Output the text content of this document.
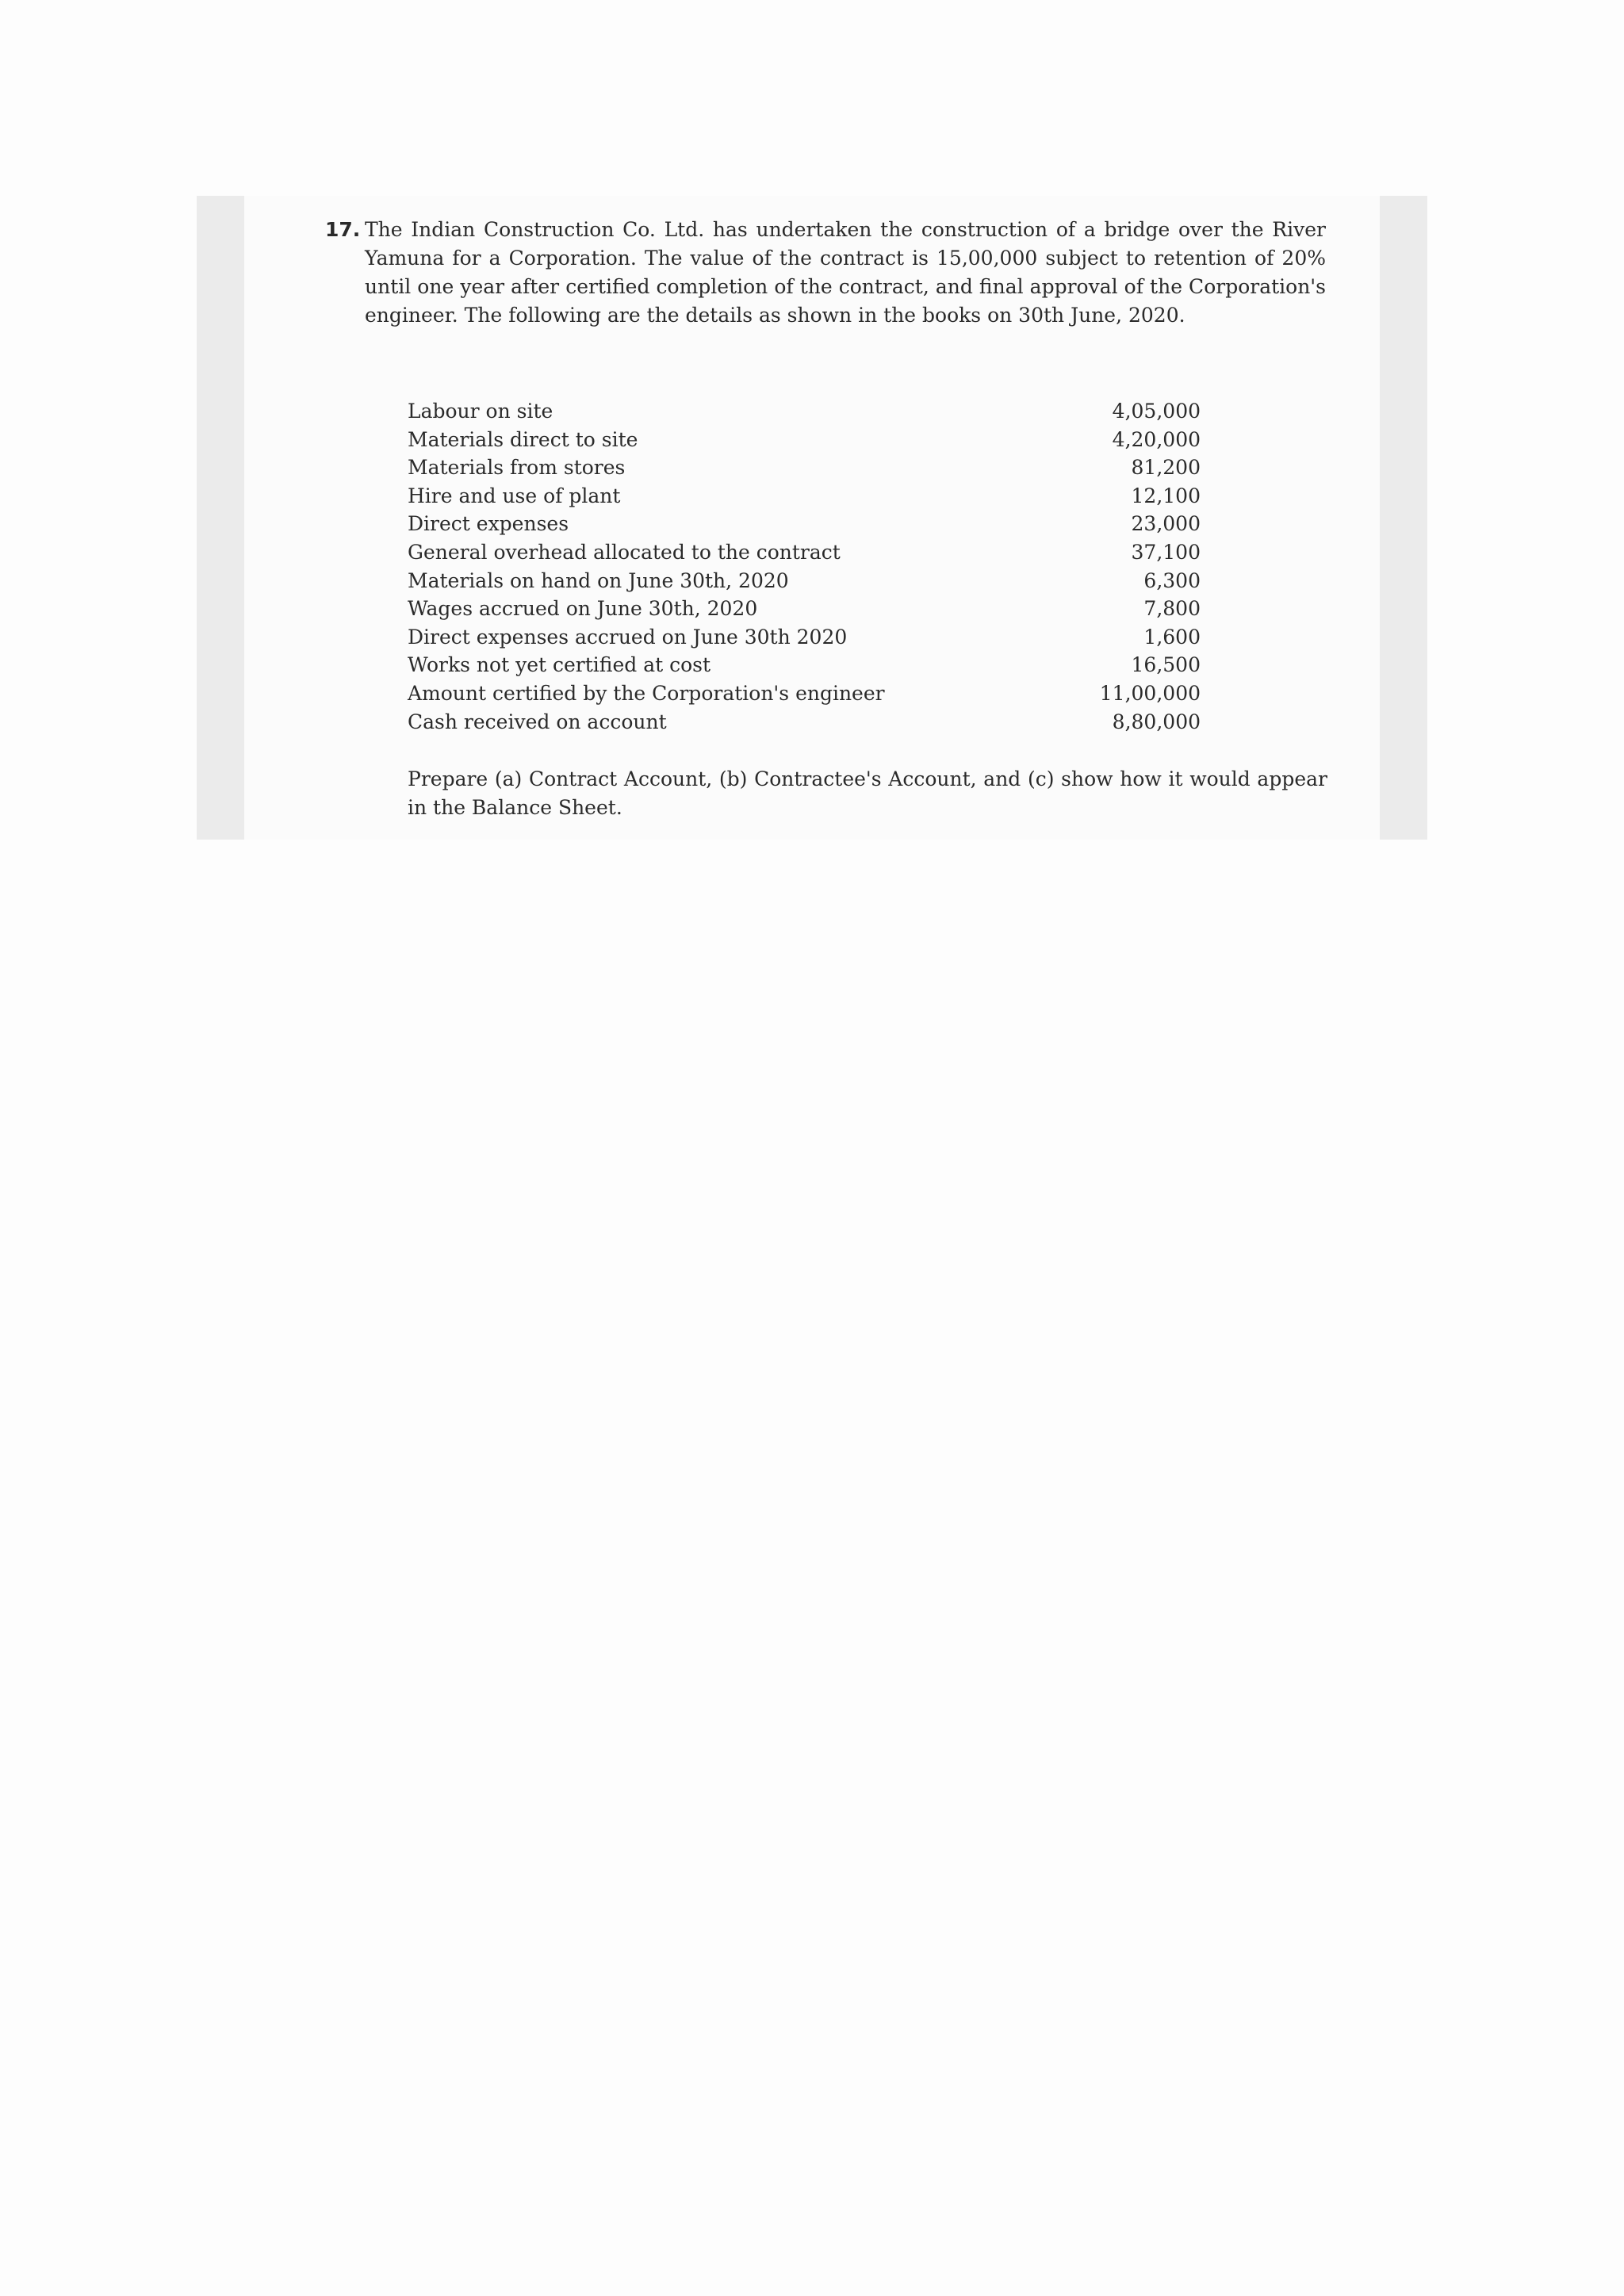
17. The Indian Construction Co. Ltd. has undertaken the construction of a bridge over the River Yamuna for a Corporation. The value of the contract is 15,00,000 subject to retention of 20% until one year after certified completion of the contract, and final approval of the Corporation's engineer. The following are the details as shown in the books on 30th June, 2020.
Labour on site	4,05,000
Materials direct to site	4,20,000
Materials from stores	81,200
Hire and use of plant	12,100
Direct expenses	23,000
General overhead allocated to the contract	37,100
Materials on hand on June 30th, 2020	6,300
Wages accrued on June 30th, 2020	7,800
Direct expenses accrued on June 30th 2020	1,600
Works not yet certified at cost	16,500
Amount certified by the Corporation's engineer	11,00,000
Cash received on account	8,80,000
Prepare (a) Contract Account, (b) Contractee's Account, and (c) show how it would appear in the Balance Sheet.
